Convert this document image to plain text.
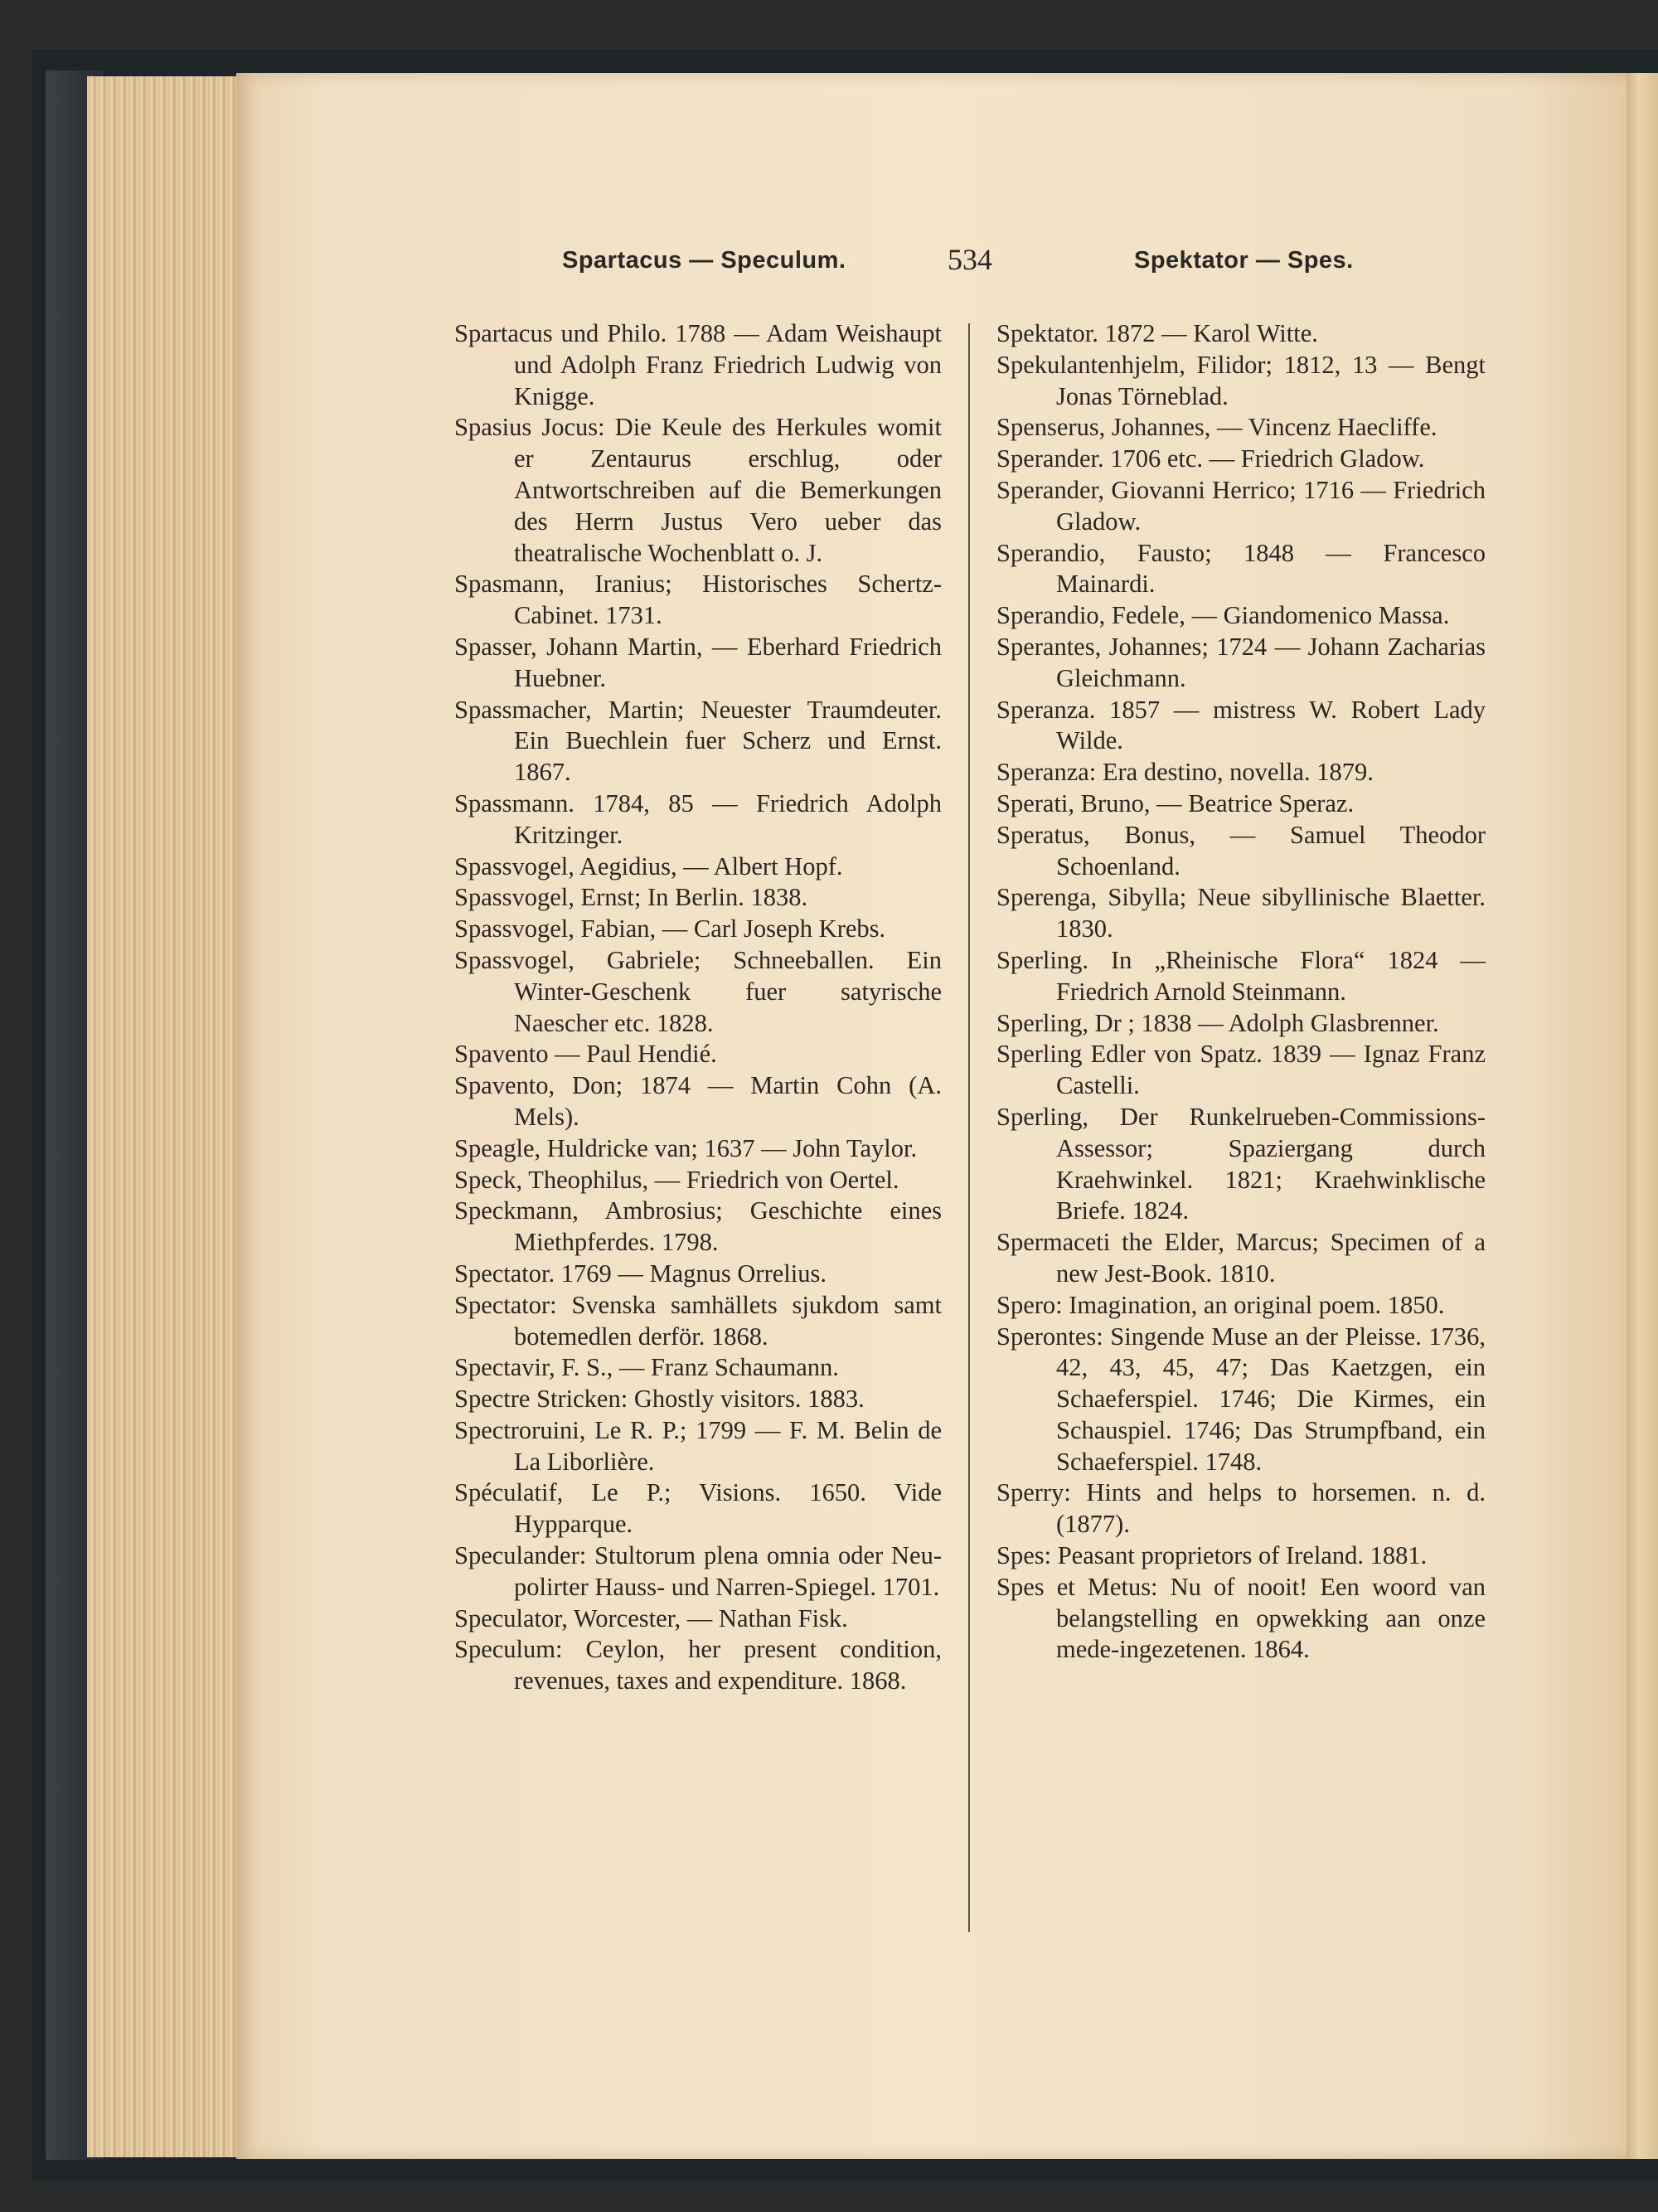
Spartacus — Speculum.	534	Spektator — Spes.

Spartacus und Philo. 1788 — Adam Weishaupt und Adolph Franz Friedrich Ludwig von Knigge.

Spasius Jocus: Die Keule des Herkules womit er Zentaurus erschlug, oder Antwortschreiben auf die Bemerkungen des Herrn Justus Vero ueber das theatralische Wochenblatt o. J.

Spasmann, Iranius; Historisches Schertz-Cabinet. 1731.

Spasser, Johann Martin, — Eberhard Friedrich Huebner.

Spassmacher, Martin; Neuester Traumdeuter. Ein Buechlein fuer Scherz und Ernst. 1867.

Spassmann. 1784, 85 — Friedrich Adolph Kritzinger.

Spassvogel, Aegidius, — Albert Hopf.

Spassvogel, Ernst; In Berlin. 1838.

Spassvogel, Fabian, — Carl Joseph Krebs.

Spassvogel, Gabriele; Schneeballen. Ein Winter-Geschenk fuer satyrische Naescher etc. 1828.

Spavento — Paul Hendié.

Spavento, Don; 1874 — Martin Cohn (A. Mels).

Speagle, Huldricke van; 1637 — John Taylor.

Speck, Theophilus, — Friedrich von Oertel.

Speckmann, Ambrosius; Geschichte eines Miethpferdes. 1798.

Spectator. 1769 — Magnus Orrelius.

Spectator: Svenska samhällets sjukdom samt botemedlen derför. 1868.

Spectavir, F. S., — Franz Schaumann.

Spectre Stricken: Ghostly visitors. 1883.

Spectroruini, Le R. P.; 1799 — F. M. Belin de La Liborlière.

Spéculatif, Le P.; Visions. 1650. Vide Hypparque.

Speculander: Stultorum plena omnia oder Neu-polirter Hauss- und Narren-Spiegel. 1701.

Speculator, Worcester, — Nathan Fisk.

Speculum: Ceylon, her present condition, revenues, taxes and expenditure. 1868.

Spektator. 1872 — Karol Witte.

Spekulantenhjelm, Filidor; 1812, 13 — Bengt Jonas Törneblad.

Spenserus, Johannes, — Vincenz Haecliffe.

Sperander. 1706 etc. — Friedrich Gladow.

Sperander, Giovanni Herrico; 1716 — Friedrich Gladow.

Sperandio, Fausto; 1848 — Francesco Mainardi.

Sperandio, Fedele, — Giandomenico Massa.

Sperantes, Johannes; 1724 — Johann Zacharias Gleichmann.

Speranza. 1857 — mistress W. Robert Lady Wilde.

Speranza: Era destino, novella. 1879.

Sperati, Bruno, — Beatrice Speraz.

Speratus, Bonus, — Samuel Theodor Schoenland.

Sperenga, Sibylla; Neue sibyllinische Blaetter. 1830.

Sperling. In „Rheinische Flora“ 1824 — Friedrich Arnold Steinmann.

Sperling, Dr ; 1838 — Adolph Glasbrenner.

Sperling Edler von Spatz. 1839 — Ignaz Franz Castelli.

Sperling, Der Runkelrueben-Commissions-Assessor; Spaziergang durch Kraehwinkel. 1821; Kraehwinklische Briefe. 1824.

Spermaceti the Elder, Marcus; Specimen of a new Jest-Book. 1810.

Spero: Imagination, an original poem. 1850.

Sperontes: Singende Muse an der Pleisse. 1736, 42, 43, 45, 47; Das Kaetzgen, ein Schaeferspiel. 1746; Die Kirmes, ein Schauspiel. 1746; Das Strumpfband, ein Schaeferspiel. 1748.

Sperry: Hints and helps to horsemen. n. d. (1877).

Spes: Peasant proprietors of Ireland. 1881.

Spes et Metus: Nu of nooit! Een woord van belangstelling en opwekking aan onze mede-ingezetenen. 1864.
